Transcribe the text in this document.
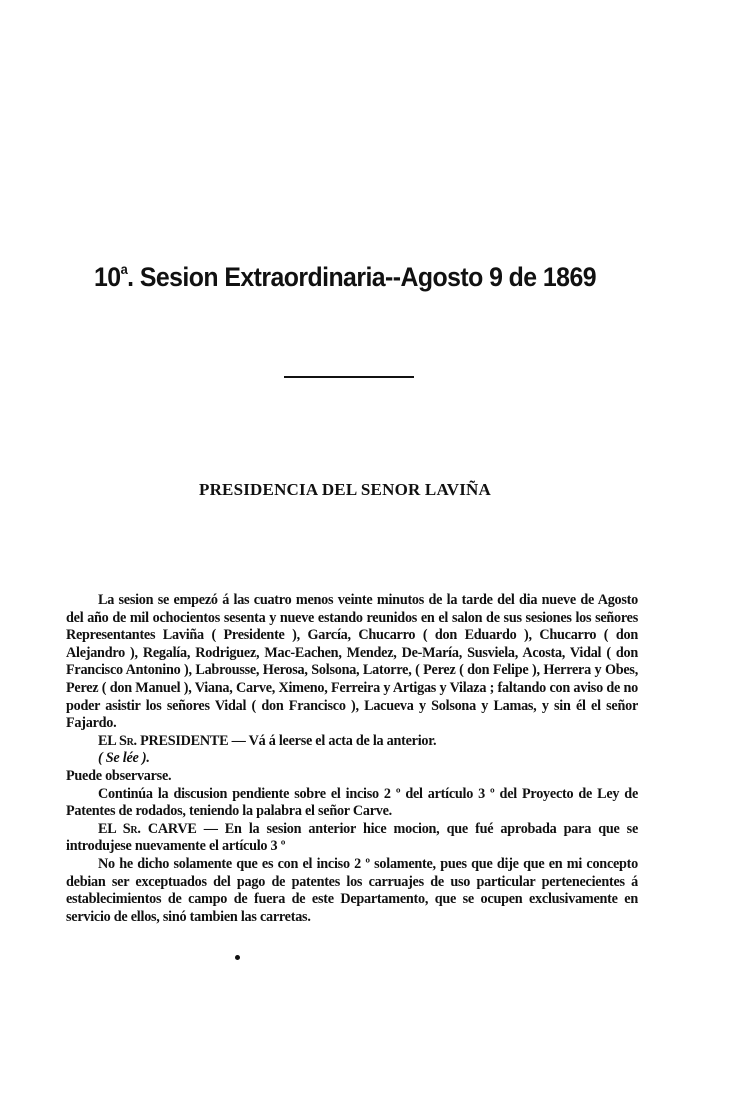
10$^a$. Sesion Extraordinaria--Agosto 9 de 1869
PRESIDENCIA DEL SENOR LAVIÑA

La sesion se empezó á las cuatro menos veinte minutos de la tarde del dia nueve de Agosto del año de mil ochocientos sesenta y nueve estando reunidos en el salon de sus sesiones los señores Representantes Laviña ( Presidente ), García, Chucarro ( don Eduardo ), Chucarro ( don Alejandro ), Regalía, Rodriguez, Mac-Eachen, Mendez, De-María, Susviela, Acosta, Vidal ( don Francisco Antonino ), Labrousse, Herosa, Solsona, Latorre, ( Perez ( don Felipe ), Herrera y Obes, Perez ( don Manuel ), Viana, Carve, Ximeno, Ferreira y Artigas y Vilaza ; faltando con aviso de no poder asistir los señores Vidal ( don Francisco ), Lacueva y Solsona y Lamas, y sin él el señor Fajardo.

EL Sr. PRESIDENTE — Vá á leerse el acta de la anterior.

( Se lée ).

Puede observarse.

Continúa la discusion pendiente sobre el inciso 2 º del artículo 3 º del Proyecto de Ley de Patentes de rodados, teniendo la palabra el señor Carve.

EL Sr. CARVE — En la sesion anterior hice mocion, que fué aprobada para que se introdujese nuevamente el artículo 3 º

No he dicho solamente que es con el inciso 2 º solamente, pues que dije que en mi concepto debian ser exceptuados del pago de patentes los carruajes de uso particular pertenecientes á establecimientos de campo de fuera de este Departamento, que se ocupen exclusivamente en servicio de ellos, sinó tambien las carretas.
